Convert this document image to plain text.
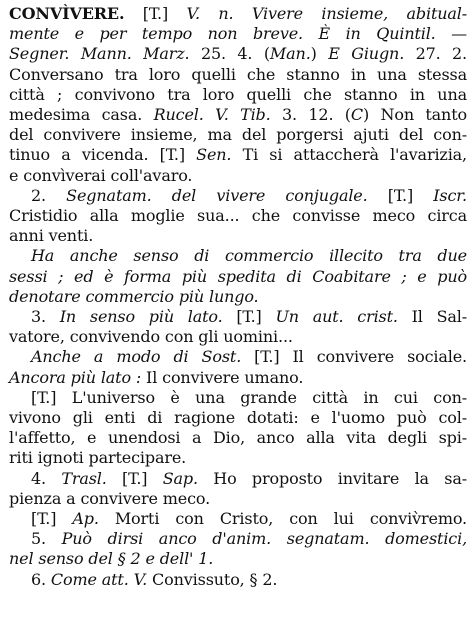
CONVÌVERE. [T.] V. n. Vivere insieme, abitual-
mente e per tempo non breve. È in Quintil. —
Segner. Mann. Marz. 25. 4. (Man.) E Giugn. 27. 2.
Conversano tra loro quelli che stanno in una stessa
città ; convivono tra loro quelli che stanno in una
medesima casa. Rucel. V. Tib. 3. 12. (C) Non tanto
del convivere insieme, ma del porgersi ajuti del con-
tinuo a vicenda. [T.] Sen. Ti si attaccherà l'avarizia,
e convìverai coll'avaro.
2. Segnatam. del vivere conjugale. [T.] Iscr.
Cristidio alla moglie sua... che convisse meco circa
anni venti.
Ha anche senso di commercio illecito tra due
sessi ; ed è forma più spedita di Coabitare ; e può
denotare commercio più lungo.
3. In senso più lato. [T.] Un aut. crist. Il Sal-
vatore, convivendo con gli uomini...
Anche a modo di Sost. [T.] Il convivere sociale.
Ancora più lato : Il convivere umano.
[T.] L'universo è una grande città in cui con-
vivono gli enti di ragione dotati: e l'uomo può col-
l'affetto, e unendosi a Dio, anco alla vita degli spi-
riti ignoti partecipare.
4. Trasl. [T.] Sap. Ho proposto invitare la sa-
pienza a convivere meco.
[T.] Ap. Morti con Cristo, con lui conviv̀remo.
5. Può dirsi anco d'anim. segnatam. domestici,
nel senso del § 2 e dell' 1.
6. Come att. V. Convissuto, § 2.
